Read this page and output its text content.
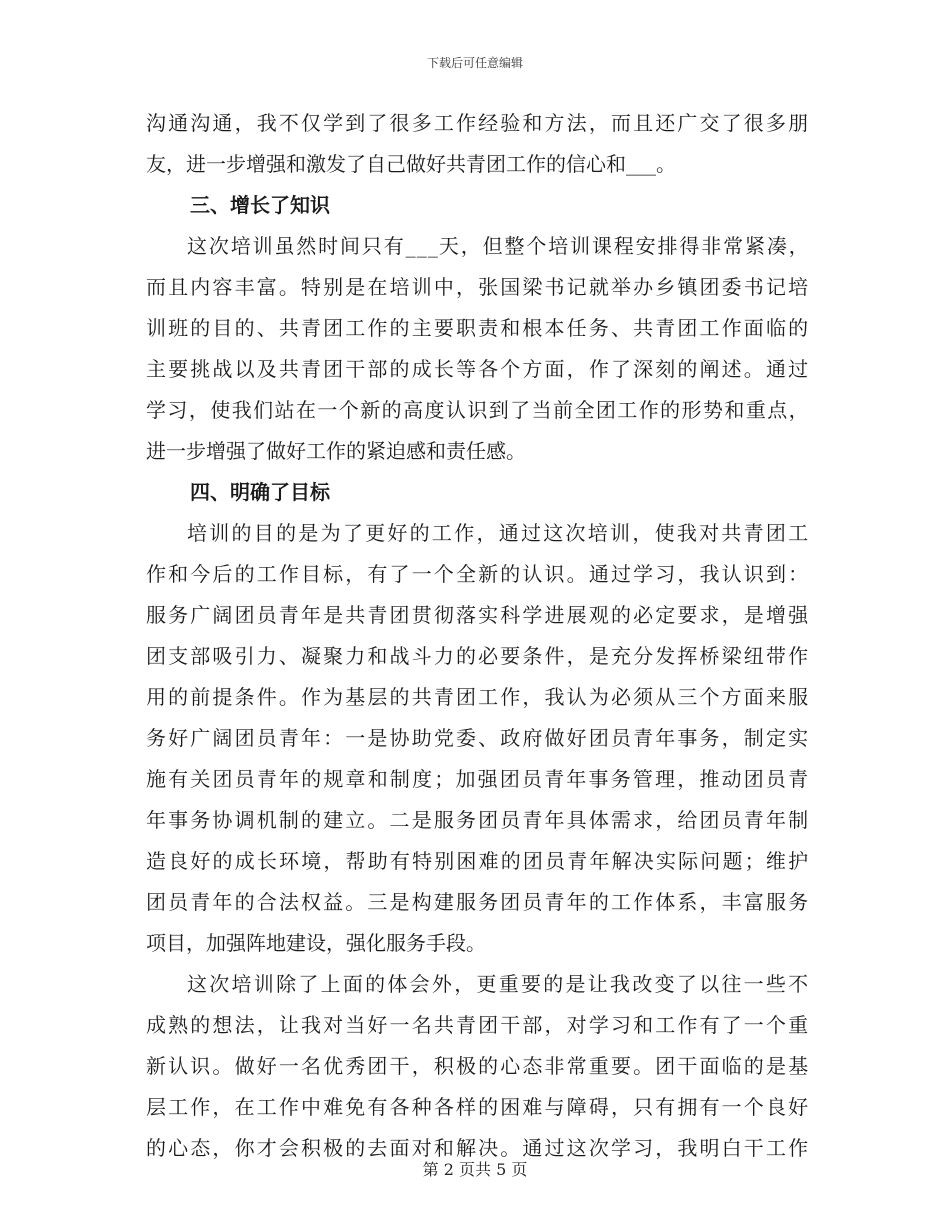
下载后可任意编辑
沟 通 沟 通 ， 我 不 仅 学 到 了 很 多 工 作 经 验 和 方 法 ， 而 且 还 广 交 了 很 多 朋
友，进一步增强和激发了自己做好共青团工作的信心和___。
三、增长了知识
这 次 培 训 虽 然 时 间 只 有 _ _ _ 天 ， 但 整 个 培 训 课 程 安 排 得 非 常 紧 凑 ，
而 且 内 容 丰 富 。 特 别 是 在 培 训 中 ， 张 国 梁 书 记 就 举 办 乡 镇 团 委 书 记 培
训 班 的 目 的 、 共 青 团 工 作 的 主 要 职 责 和 根 本 任 务 、 共 青 团 工 作 面 临 的
主 要 挑 战 以 及 共 青 团 干 部 的 成 长 等 各 个 方 面 ， 作 了 深 刻 的 阐 述 。 通 过
学 习 ， 使 我 们 站 在 一 个 新 的 高 度 认 识 到 了 当 前 全 团 工 作 的 形 势 和 重 点 ，
进一步增强了做好工作的紧迫感和责任感。
四、明确了目标
培 训 的 目 的 是 为 了 更 好 的 工 作 ， 通 过 这 次 培 训 ， 使 我 对 共 青 团 工
作 和 今 后 的 工 作 目 标 ， 有 了 一 个 全 新 的 认 识 。 通 过 学 习 ， 我 认 识 到 ：
服 务 广 阔 团 员 青 年 是 共 青 团 贯 彻 落 实 科 学 进 展 观 的 必 定 要 求 ， 是 增 强
团 支 部 吸 引 力 、 凝 聚 力 和 战 斗 力 的 必 要 条 件 ， 是 充 分 发 挥 桥 梁 纽 带 作
用 的 前 提 条 件 。 作 为 基 层 的 共 青 团 工 作 ， 我 认 为 必 须 从 三 个 方 面 来 服
务 好 广 阔 团 员 青 年 ： 一 是 协 助 党 委 、 政 府 做 好 团 员 青 年 事 务 ， 制 定 实
施 有 关 团 员 青 年 的 规 章 和 制 度 ； 加 强 团 员 青 年 事 务 管 理 ， 推 动 团 员 青
年 事 务 协 调 机 制 的 建 立 。 二 是 服 务 团 员 青 年 具 体 需 求 ， 给 团 员 青 年 制
造 良 好 的 成 长 环 境 ， 帮 助 有 特 别 困 难 的 团 员 青 年 解 决 实 际 问 题 ； 维 护
团 员 青 年 的 合 法 权 益 。 三 是 构 建 服 务 团 员 青 年 的 工 作 体 系 ， 丰 富 服 务
项目，加强阵地建设，强化服务手段。
这 次 培 训 除 了 上 面 的 体 会 外 ， 更 重 要 的 是 让 我 改 变 了 以 往 一 些 不
成 熟 的 想 法 ， 让 我 对 当 好 一 名 共 青 团 干 部 ， 对 学 习 和 工 作 有 了 一 个 重
新 认 识 。 做 好 一 名 优 秀 团 干 ， 积 极 的 心 态 非 常 重 要 。 团 干 面 临 的 是 基
层 工 作 ， 在 工 作 中 难 免 有 各 种 各 样 的 困 难 与 障 碍 ， 只 有 拥 有 一 个 良 好
的 心 态 ， 你 才 会 积 极 的 去 面 对 和 解 决 。 通 过 这 次 学 习 ， 我 明 白 干 工 作
第 2 页共 5 页
